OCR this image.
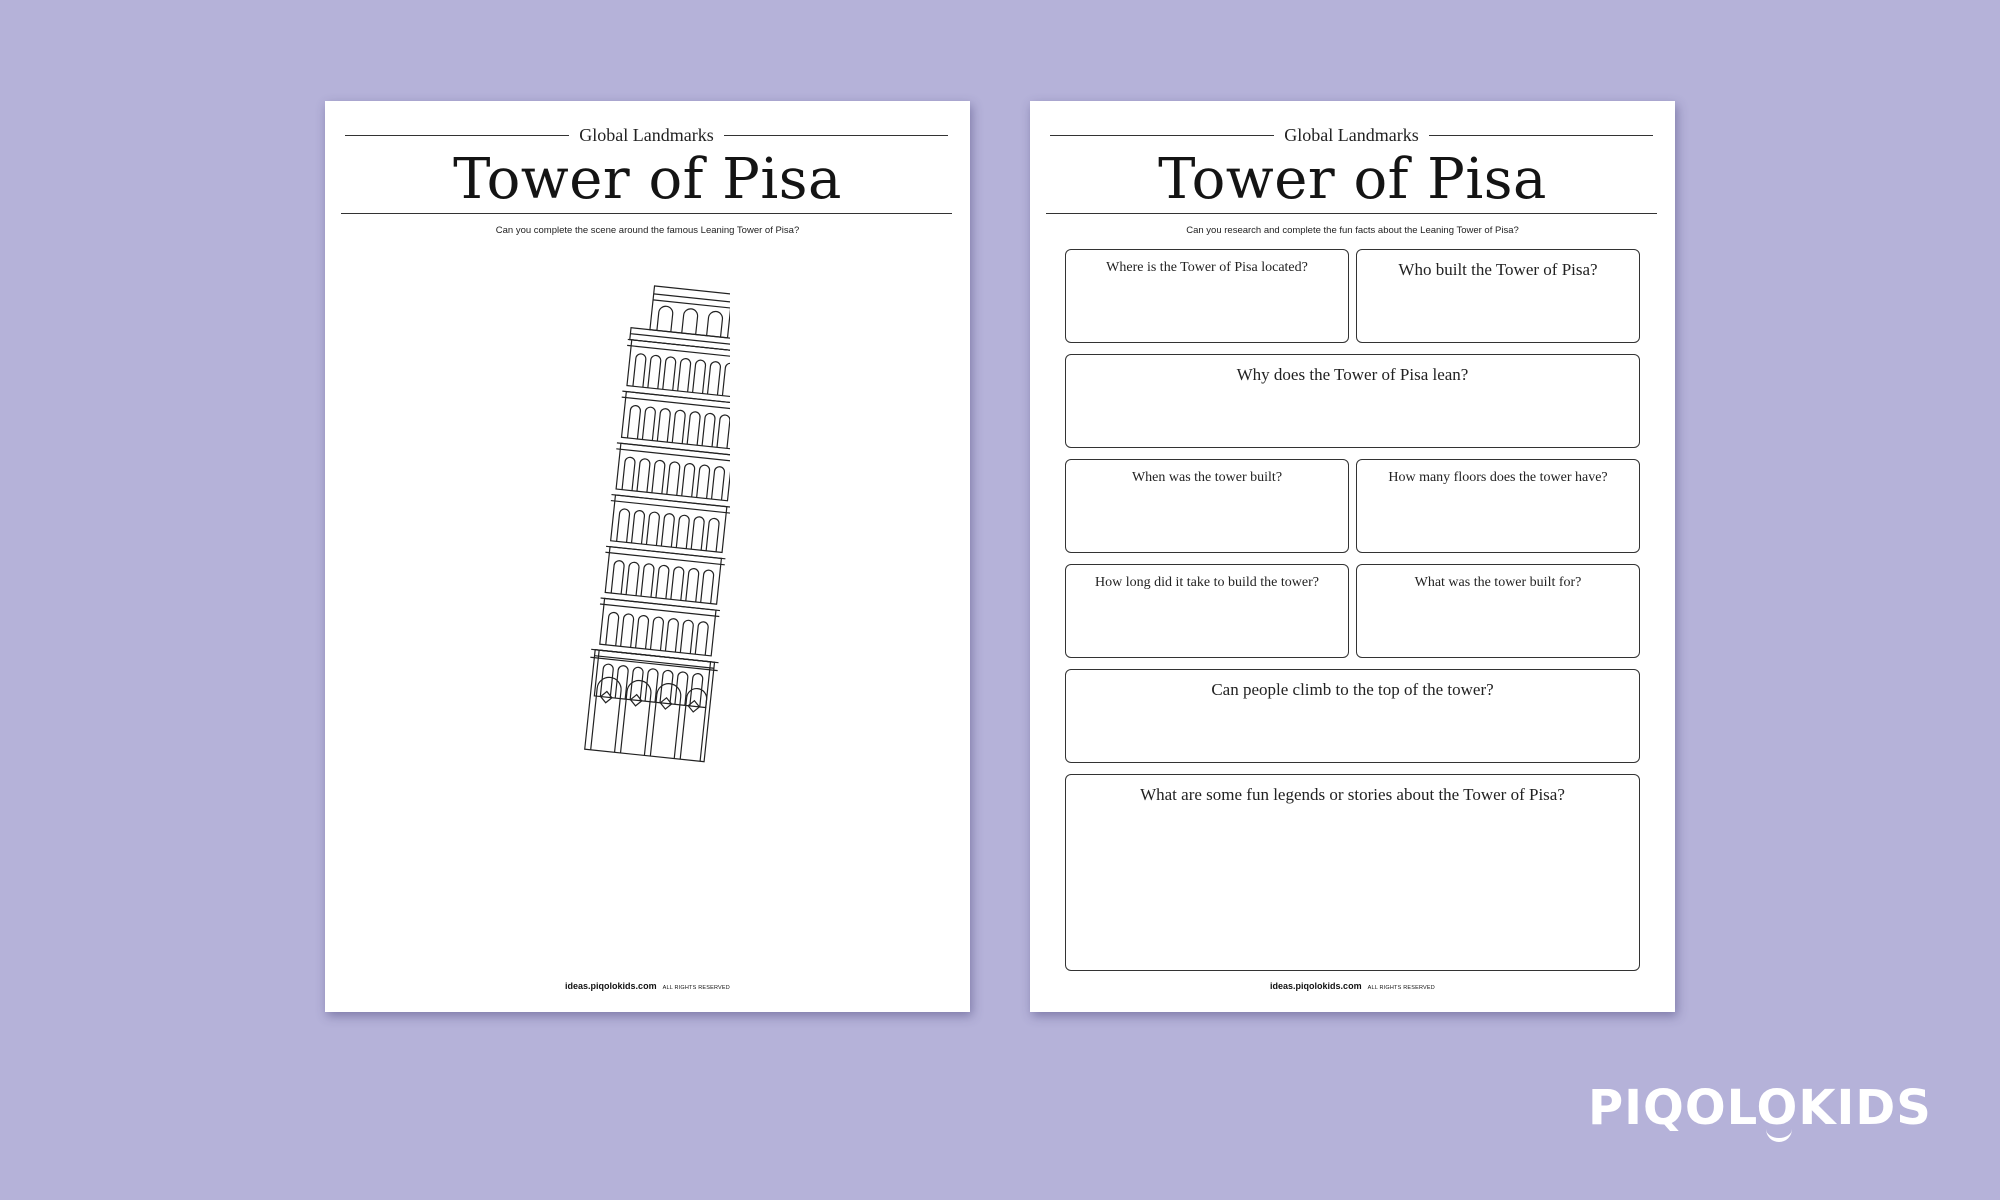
Global Landmarks
Tower of Pisa
Can you complete the scene around the famous Leaning Tower of Pisa?
ideas.piqolokids.com ALL RIGHTS RESERVED
Global Landmarks
Tower of Pisa
Can you research and complete the fun facts about the Leaning Tower of Pisa?
Where is the Tower of Pisa located?	Who built the Tower of Pisa?
Why does the Tower of Pisa lean?
When was the tower built?	How many floors does the tower have?
How long did it take to build the tower?	What was the tower built for?
Can people climb to the top of the tower?
What are some fun legends or stories about the Tower of Pisa?
ideas.piqolokids.com ALL RIGHTS RESERVED
PIQOLOKIDS
